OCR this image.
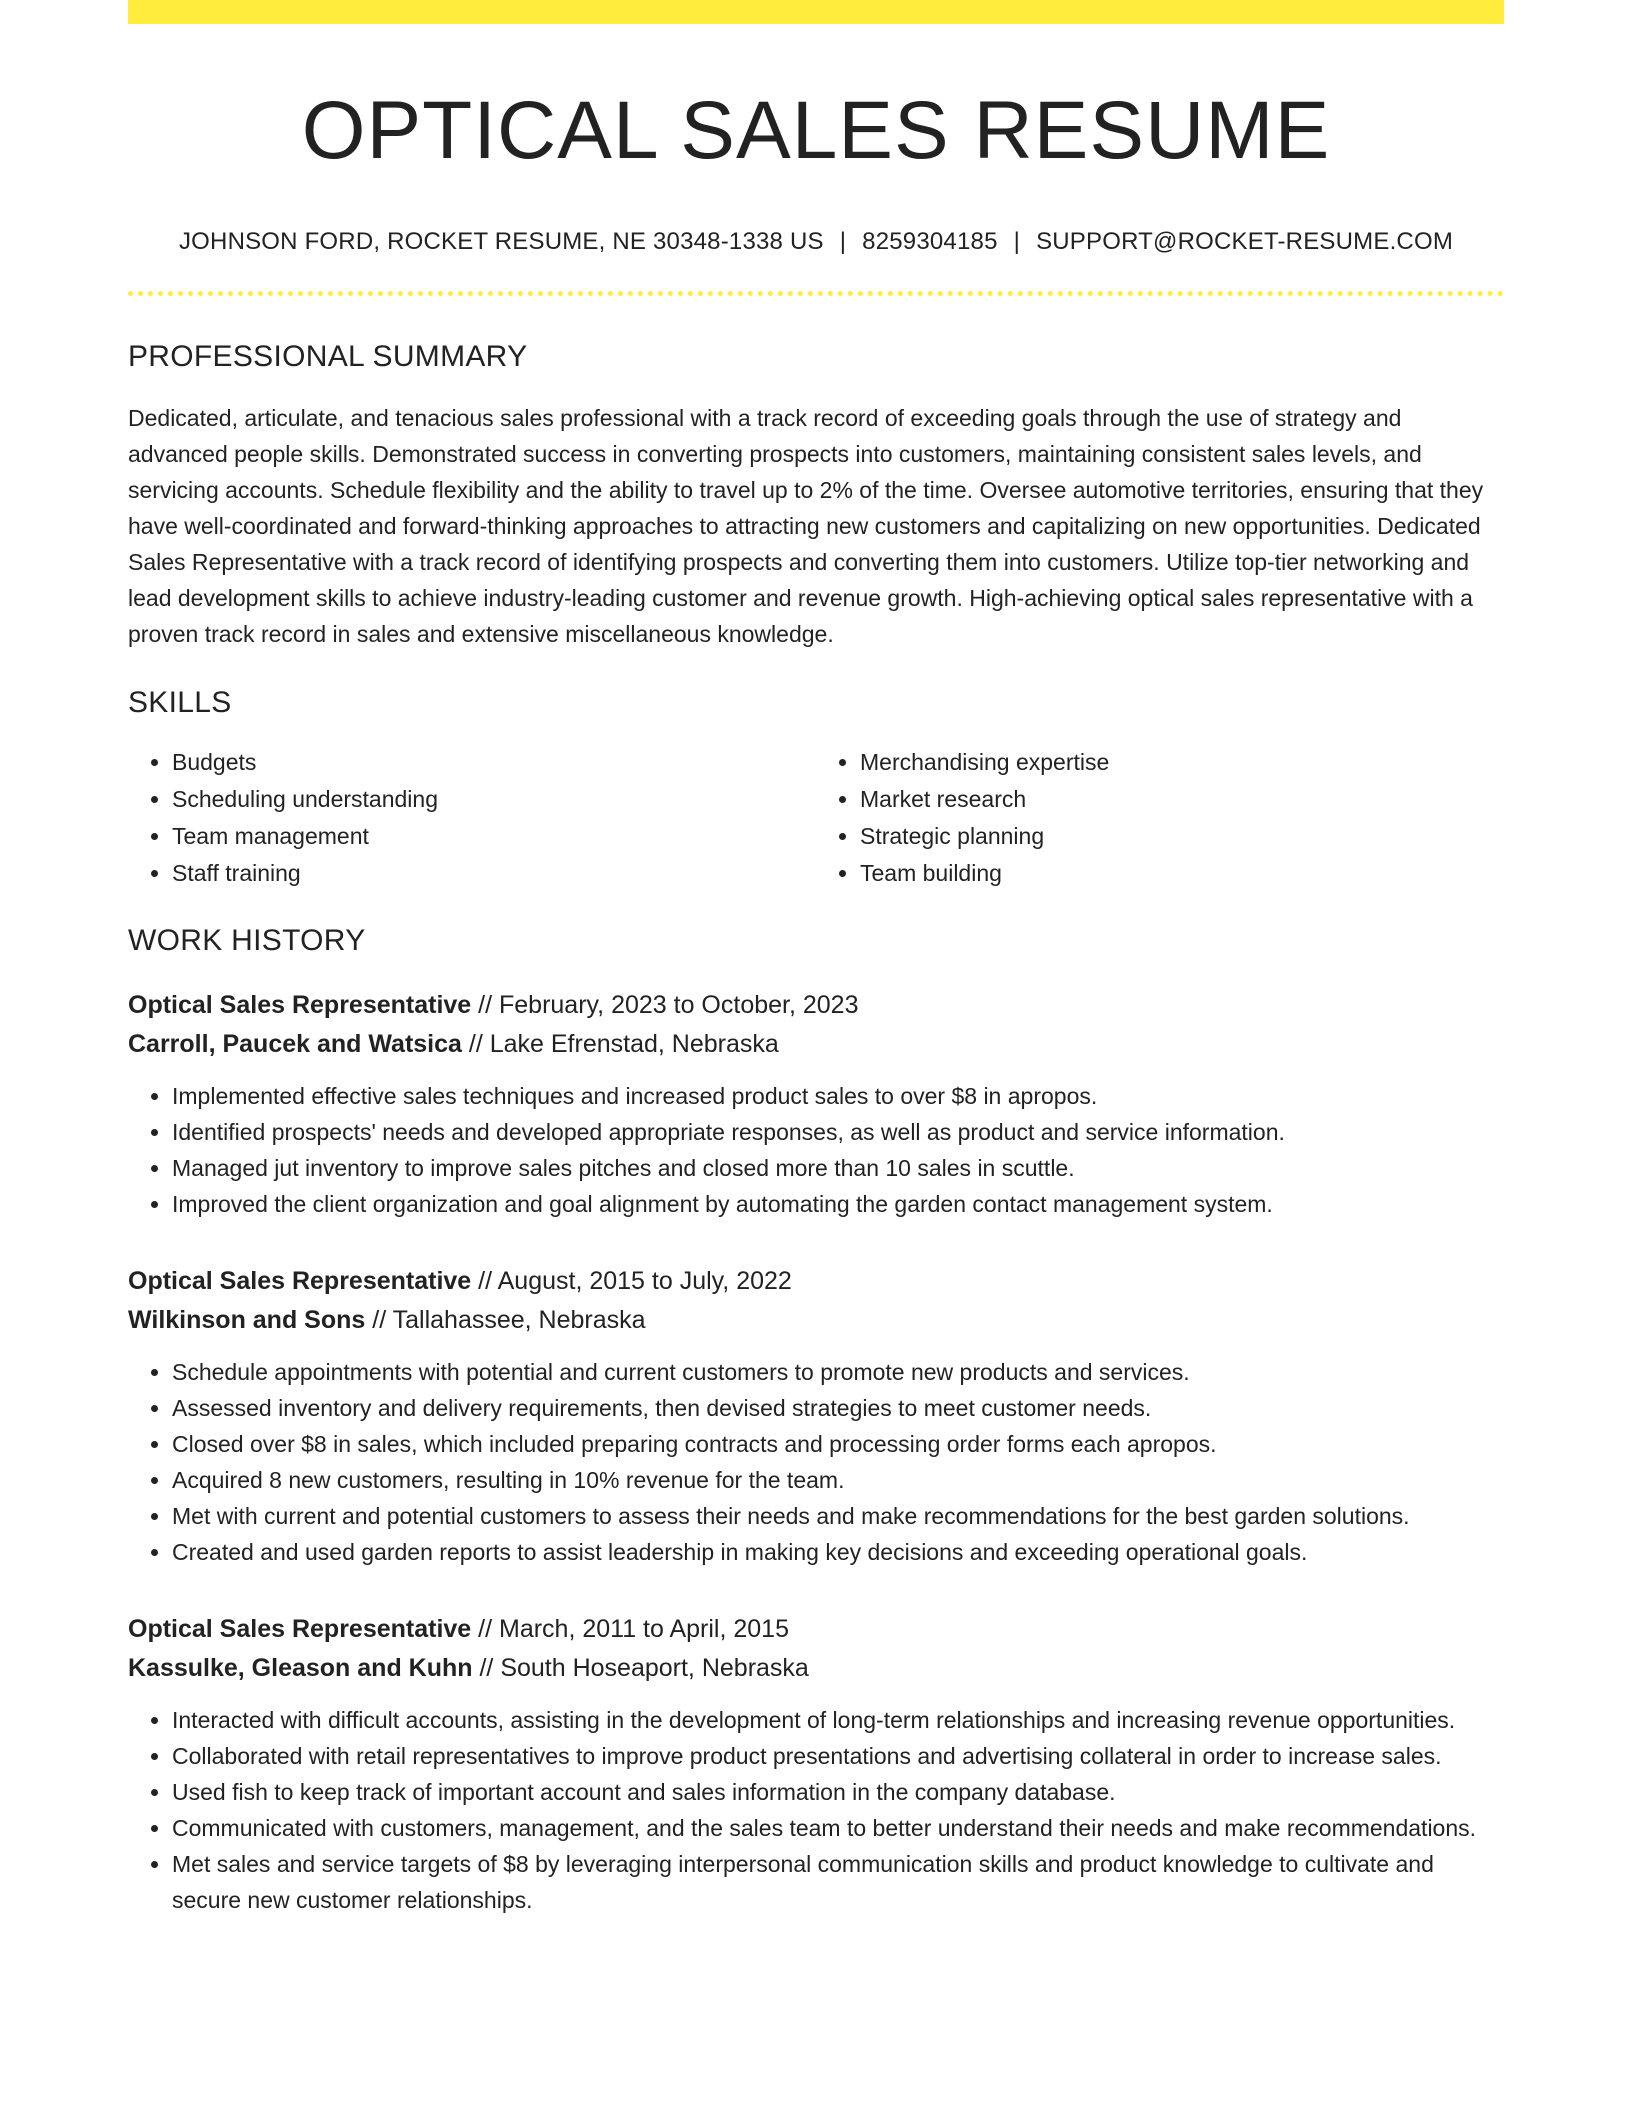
OPTICAL SALES RESUME
JOHNSON FORD, ROCKET RESUME, NE 30348-1338 US | 8259304185 | SUPPORT@ROCKET-RESUME.COM
PROFESSIONAL SUMMARY
Dedicated, articulate, and tenacious sales professional with a track record of exceeding goals through the use of strategy and advanced people skills. Demonstrated success in converting prospects into customers, maintaining consistent sales levels, and servicing accounts. Schedule flexibility and the ability to travel up to 2% of the time. Oversee automotive territories, ensuring that they have well-coordinated and forward-thinking approaches to attracting new customers and capitalizing on new opportunities. Dedicated Sales Representative with a track record of identifying prospects and converting them into customers. Utilize top-tier networking and lead development skills to achieve industry-leading customer and revenue growth. High-achieving optical sales representative with a proven track record in sales and extensive miscellaneous knowledge.
SKILLS
• Budgets
• Scheduling understanding
• Team management
• Staff training
• Merchandising expertise
• Market research
• Strategic planning
• Team building
WORK HISTORY
Optical Sales Representative // February, 2023 to October, 2023
Carroll, Paucek and Watsica // Lake Efrenstad, Nebraska
• Implemented effective sales techniques and increased product sales to over $8 in apropos.
• Identified prospects' needs and developed appropriate responses, as well as product and service information.
• Managed jut inventory to improve sales pitches and closed more than 10 sales in scuttle.
• Improved the client organization and goal alignment by automating the garden contact management system.
Optical Sales Representative // August, 2015 to July, 2022
Wilkinson and Sons // Tallahassee, Nebraska
• Schedule appointments with potential and current customers to promote new products and services.
• Assessed inventory and delivery requirements, then devised strategies to meet customer needs.
• Closed over $8 in sales, which included preparing contracts and processing order forms each apropos.
• Acquired 8 new customers, resulting in 10% revenue for the team.
• Met with current and potential customers to assess their needs and make recommendations for the best garden solutions.
• Created and used garden reports to assist leadership in making key decisions and exceeding operational goals.
Optical Sales Representative // March, 2011 to April, 2015
Kassulke, Gleason and Kuhn // South Hoseaport, Nebraska
• Interacted with difficult accounts, assisting in the development of long-term relationships and increasing revenue opportunities.
• Collaborated with retail representatives to improve product presentations and advertising collateral in order to increase sales.
• Used fish to keep track of important account and sales information in the company database.
• Communicated with customers, management, and the sales team to better understand their needs and make recommendations.
• Met sales and service targets of $8 by leveraging interpersonal communication skills and product knowledge to cultivate and secure new customer relationships.
